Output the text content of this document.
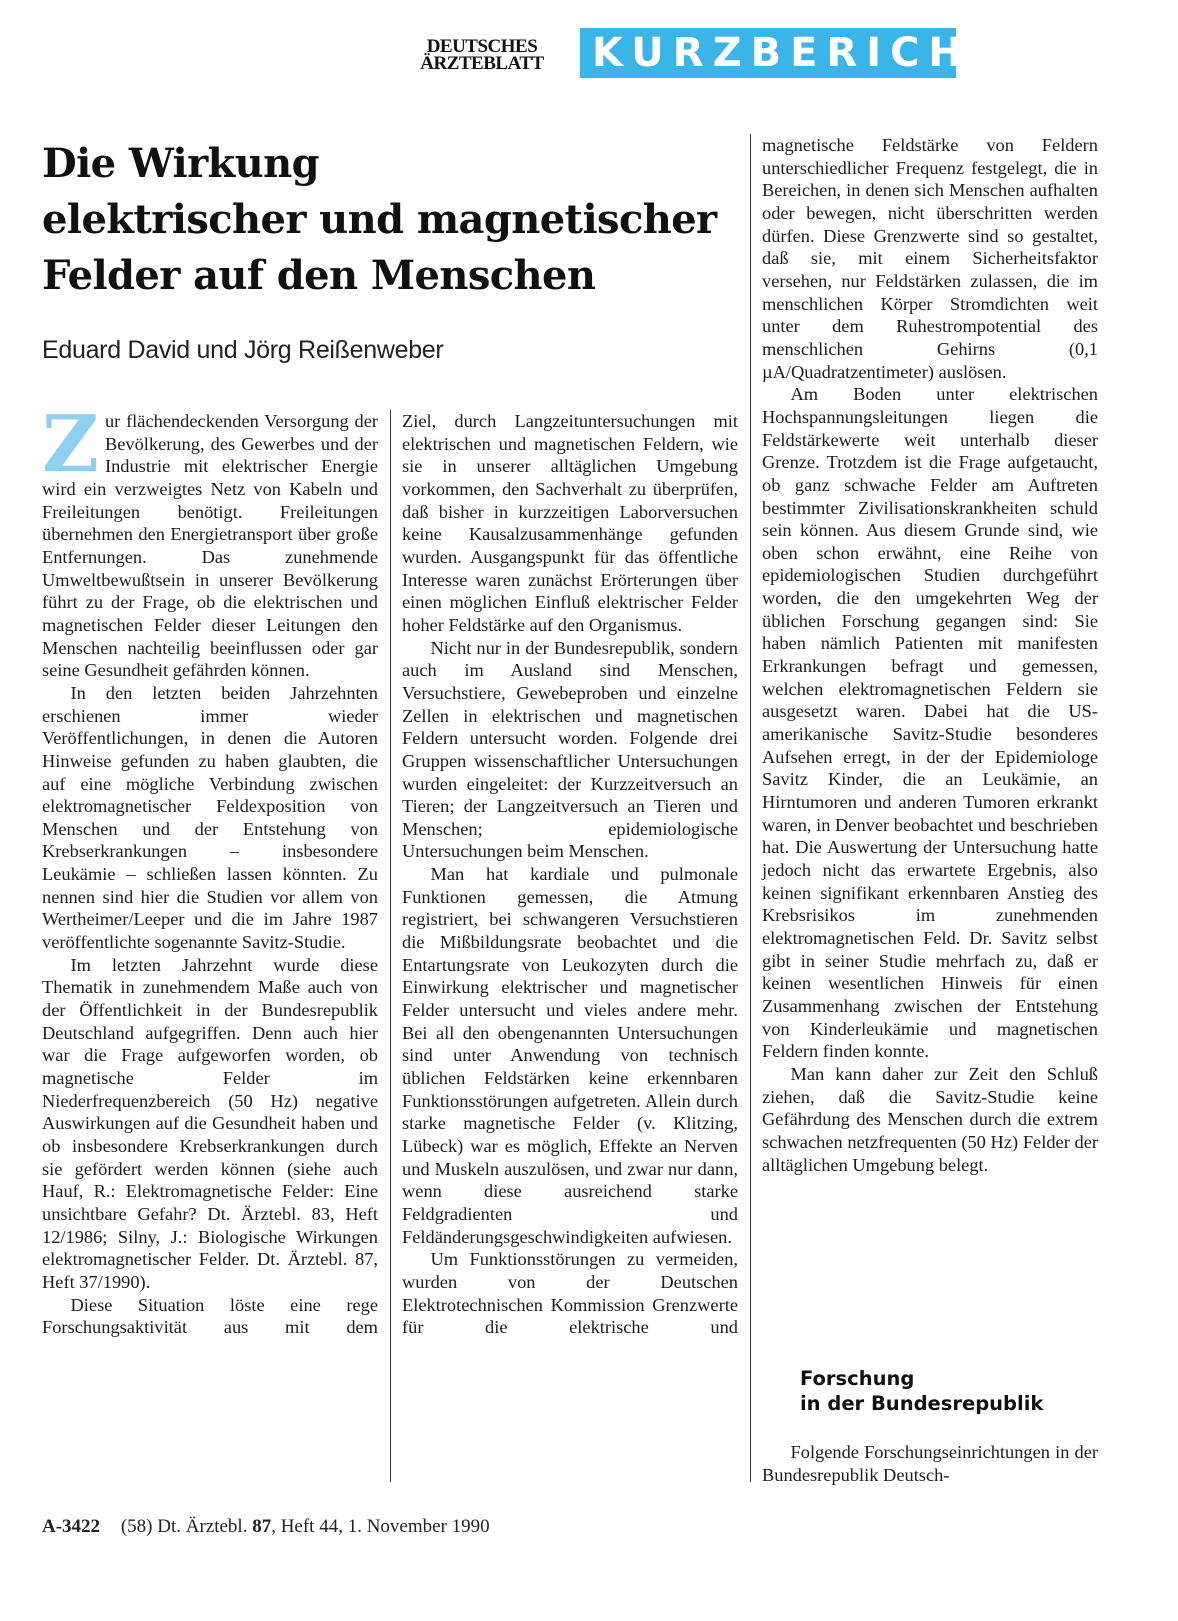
DEUTSCHES
ÄRZTEBLATT	KURZBERICHT
Die Wirkung
elektrischer und magnetischer
Felder auf den Menschen
Eduard David und Jörg Reißenweber

Zur flächendeckenden Versorgung der Bevölkerung, des Gewerbes und der Industrie mit elektrischer Energie wird ein verzweigtes Netz von Kabeln und Freileitungen benötigt. Freileitungen übernehmen den Energietransport über große Entfernungen. Das zunehmende Umweltbewußtsein in unserer Bevölkerung führt zu der Frage, ob die elektrischen und magnetischen Felder dieser Leitungen den Menschen nachteilig beeinflussen oder gar seine Gesundheit gefährden können.

In den letzten beiden Jahrzehnten erschienen immer wieder Veröffentlichungen, in denen die Autoren Hinweise gefunden zu haben glaubten, die auf eine mögliche Verbindung zwischen elektromagnetischer Feldexposition von Menschen und der Entstehung von Krebserkrankungen – insbesondere Leukämie – schließen lassen könnten. Zu nennen sind hier die Studien vor allem von Wertheimer/Leeper und die im Jahre 1987 veröffentlichte sogenannte Savitz-Studie.

Im letzten Jahrzehnt wurde diese Thematik in zunehmendem Maße auch von der Öffentlichkeit in der Bundesrepublik Deutschland aufgegriffen. Denn auch hier war die Frage aufgeworfen worden, ob magnetische Felder im Niederfrequenzbereich (50 Hz) negative Auswirkungen auf die Gesundheit haben und ob insbesondere Krebserkrankungen durch sie gefördert werden können (siehe auch Hauf, R.: Elektromagnetische Felder: Eine unsichtbare Gefahr? Dt. Ärztebl. 83, Heft 12/1986; Silny, J.: Biologische Wirkungen elektromagnetischer Felder. Dt. Ärztebl. 87, Heft 37/1990).

Diese Situation löste eine rege Forschungsaktivität aus mit dem

Ziel, durch Langzeituntersuchungen mit elektrischen und magnetischen Feldern, wie sie in unserer alltäglichen Umgebung vorkommen, den Sachverhalt zu überprüfen, daß bisher in kurzzeitigen Laborversuchen keine Kausalzusammenhänge gefunden wurden. Ausgangspunkt für das öffentliche Interesse waren zunächst Erörterungen über einen möglichen Einfluß elektrischer Felder hoher Feldstärke auf den Organismus.

Nicht nur in der Bundesrepublik, sondern auch im Ausland sind Menschen, Versuchstiere, Gewebeproben und einzelne Zellen in elektrischen und magnetischen Feldern untersucht worden. Folgende drei Gruppen wissenschaftlicher Untersuchungen wurden eingeleitet: der Kurzzeitversuch an Tieren; der Langzeitversuch an Tieren und Menschen; epidemiologische Untersuchungen beim Menschen.

Man hat kardiale und pulmonale Funktionen gemessen, die Atmung registriert, bei schwangeren Versuchstieren die Mißbildungsrate beobachtet und die Entartungsrate von Leukozyten durch die Einwirkung elektrischer und magnetischer Felder untersucht und vieles andere mehr. Bei all den obengenannten Untersuchungen sind unter Anwendung von technisch üblichen Feldstärken keine erkennbaren Funktionsstörungen aufgetreten. Allein durch starke magnetische Felder (v. Klitzing, Lübeck) war es möglich, Effekte an Nerven und Muskeln auszulösen, und zwar nur dann, wenn diese ausreichend starke Feldgradienten und Feldänderungsgeschwindigkeiten aufwiesen.

Um Funktionsstörungen zu vermeiden, wurden von der Deutschen Elektrotechnischen Kommission Grenzwerte für die elektrische und

magnetische Feldstärke von Feldern unterschiedlicher Frequenz festgelegt, die in Bereichen, in denen sich Menschen aufhalten oder bewegen, nicht überschritten werden dürfen. Diese Grenzwerte sind so gestaltet, daß sie, mit einem Sicherheitsfaktor versehen, nur Feldstärken zulassen, die im menschlichen Körper Stromdichten weit unter dem Ruhestrompotential des menschlichen Gehirns (0,1 µA/Quadratzentimeter) auslösen.

Am Boden unter elektrischen Hochspannungsleitungen liegen die Feldstärkewerte weit unterhalb dieser Grenze. Trotzdem ist die Frage aufgetaucht, ob ganz schwache Felder am Auftreten bestimmter Zivilisationskrankheiten schuld sein können. Aus diesem Grunde sind, wie oben schon erwähnt, eine Reihe von epidemiologischen Studien durchgeführt worden, die den umgekehrten Weg der üblichen Forschung gegangen sind: Sie haben nämlich Patienten mit manifesten Erkrankungen befragt und gemessen, welchen elektromagnetischen Feldern sie ausgesetzt waren. Dabei hat die US-amerikanische Savitz-Studie besonderes Aufsehen erregt, in der der Epidemiologe Savitz Kinder, die an Leukämie, an Hirntumoren und anderen Tumoren erkrankt waren, in Denver beobachtet und beschrieben hat. Die Auswertung der Untersuchung hatte jedoch nicht das erwartete Ergebnis, also keinen signifikant erkennbaren Anstieg des Krebsrisikos im zunehmenden elektromagnetischen Feld. Dr. Savitz selbst gibt in seiner Studie mehrfach zu, daß er keinen wesentlichen Hinweis für einen Zusammenhang zwischen der Entstehung von Kinderleukämie und magnetischen Feldern finden konnte.

Man kann daher zur Zeit den Schluß ziehen, daß die Savitz-Studie keine Gefährdung des Menschen durch die extrem schwachen netzfrequenten (50 Hz) Felder der alltäglichen Umgebung belegt.

Forschung
in der Bundesrepublik

Folgende Forschungseinrichtungen in der Bundesrepublik Deutsch-

A-3422 (58) Dt. Ärztebl. 87, Heft 44, 1. November 1990
